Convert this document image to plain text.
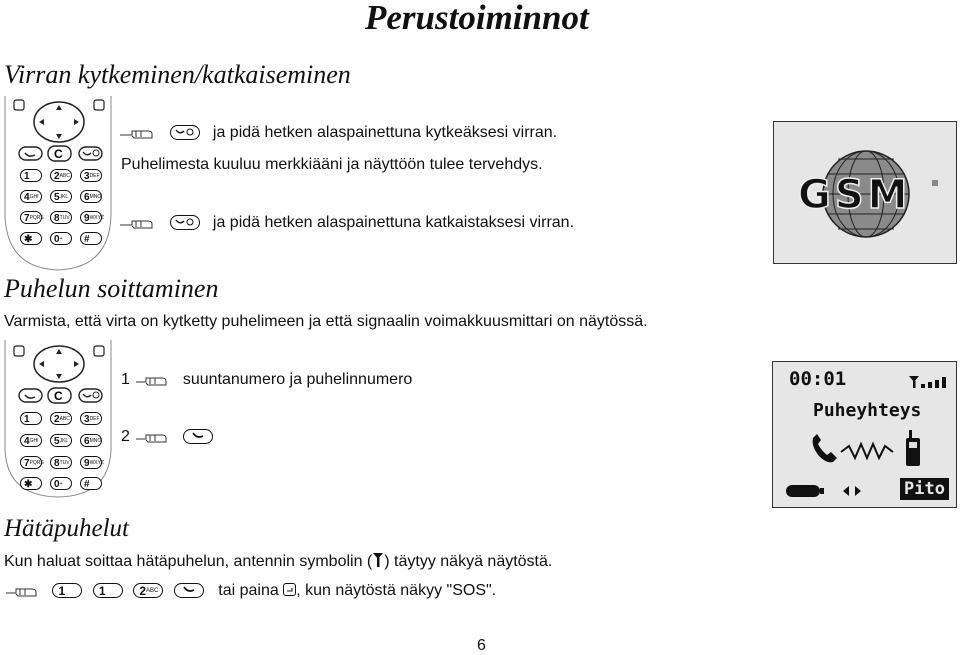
Perustoiminnot
Virran kytkeminen/katkaiseminen
C
1	$2^{ABC}$	$3^{DEF}$
$4^{GHI}$	$5^{JKL}$	$6^{MNO}$
$7^{PQRS}$	$8^{TUV}$	$9^{WXYZ}$
✱	0+	#

ja pidä hetken alaspainettuna kytkeäksesi virran.
Puhelimesta kuuluu merkkiääni ja näyttöön tulee tervehdys.

ja pidä hetken alaspainettuna katkaistaksesi virran.
GSM
Puhelun soittaminen
Varmista, että virta on kytketty puhelimeen ja että signaalin voimakkuusmittari on näytössä.
C
1	$2^{ABC}$	$3^{DEF}$
$4^{GHI}$	$5^{JKL}$	$6^{MNO}$
$7^{PQRS}$	$8^{TUV}$	$9^{WXYZ}$
✱	0+	#
1	suuntanumero ja puhelinnumero
2
00:01
Puheyhteys
Pito
Hätäpuhelut
Kun haluat soittaa hätäpuhelun, antennin symbolin ( ) täytyy näkyä näytöstä.
1	1	$2^{ABC}$	tai paina , kun näytöstä näkyy "SOS".
6
